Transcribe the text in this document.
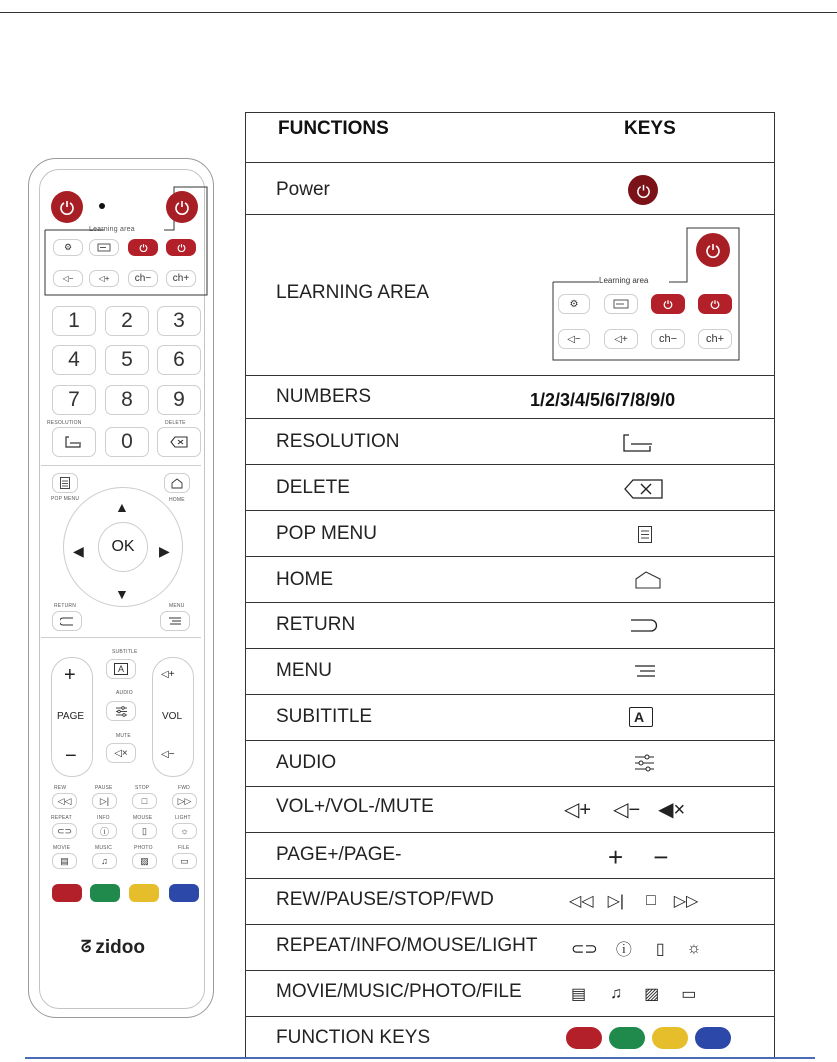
Learning area
⚙
◁−	◁+	ch−	ch+
1	2	3
4	5	6
7	8	9
RESOLUTION	DELETE
0
POP MENU	HOME
OK
▲
▼
◀	▶
RETURN	MENU
+
PAGE
−
◁+
VOL
◁−
SUBTITLE
A
AUDIO
MUTE
◁×
REW	PAUSE	STOP	FWD
◁◁	▷|	□	▷▷
REPEAT	INFO	MOUSE	LIGHT
⊂⊃	ⓘ	▯	☼
MOVIE	MUSIC	PHOTO	FILE
▤	♫	▨	▭
ᘔ zidoo
FUNCTIONS	KEYS
Power
LEARNING AREA
Learning area
⚙
◁−	◁+	ch−	ch+
NUMBERS	1/2/3/4/5/6/7/8/9/0
RESOLUTION
DELETE
POP MENU
HOME
RETURN
MENU
SUBITITLE	A
AUDIO
VOL+/VOL-/MUTE	◁+ ◁− ◀×
PAGE+/PAGE-	+ −
REW/PAUSE/STOP/FWD	◁◁ ▷| □ ▷▷
REPEAT/INFO/MOUSE/LIGHT ⊂⊃ ⓘ ▯ ☼
MOVIE/MUSIC/PHOTO/FILE	▤ ♫ ▨ ▭
FUNCTION KEYS
